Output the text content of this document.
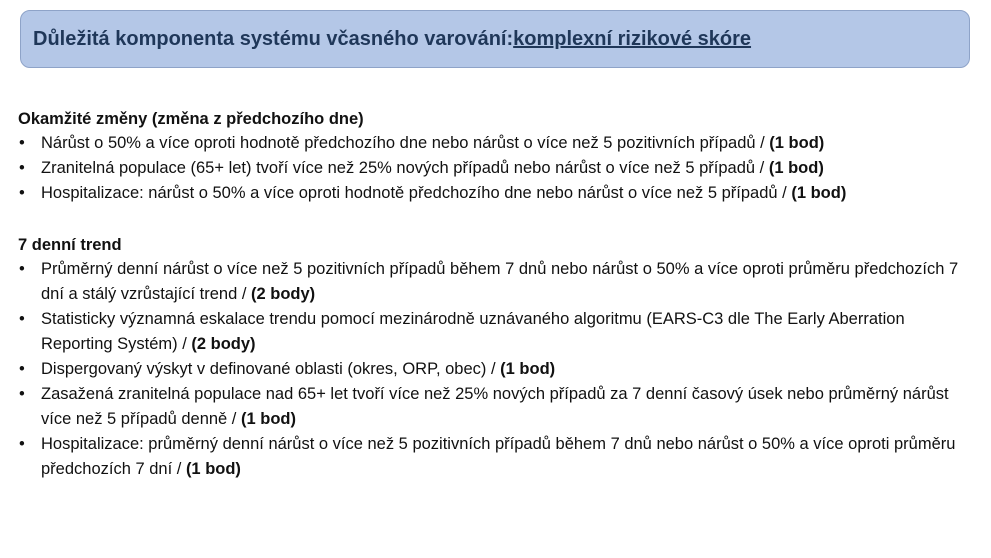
Důležitá komponenta systému včasného varování: komplexní rizikové skóre
Okamžité změny (změna z předchozího dne)
• Nárůst o 50% a více oproti hodnotě předchozího dne nebo nárůst o více než 5 pozitivních případů / (1 bod)
• Zranitelná populace (65+ let) tvoří více než 25% nových případů nebo nárůst o více než 5 případů / (1 bod)
• Hospitalizace: nárůst o 50% a více oproti hodnotě předchozího dne nebo nárůst o více než 5 případů / (1 bod)
7 denní trend
• Průměrný denní nárůst o více než 5 pozitivních případů během 7 dnů nebo nárůst o 50% a více oproti průměru předchozích 7 dní a stálý vzrůstající trend / (2 body)
• Statisticky významná eskalace trendu pomocí mezinárodně uznávaného algoritmu (EARS-C3 dle The Early Aberration Reporting Systém) / (2 body)
• Dispergovaný výskyt v definované oblasti (okres, ORP, obec) / (1 bod)
• Zasažená zranitelná populace nad 65+ let tvoří více než 25% nových případů za 7 denní časový úsek nebo průměrný nárůst více než 5 případů denně / (1 bod)
• Hospitalizace: průměrný denní nárůst o více než 5 pozitivních případů během 7 dnů nebo nárůst o 50% a více oproti průměru předchozích 7 dní / (1 bod)
